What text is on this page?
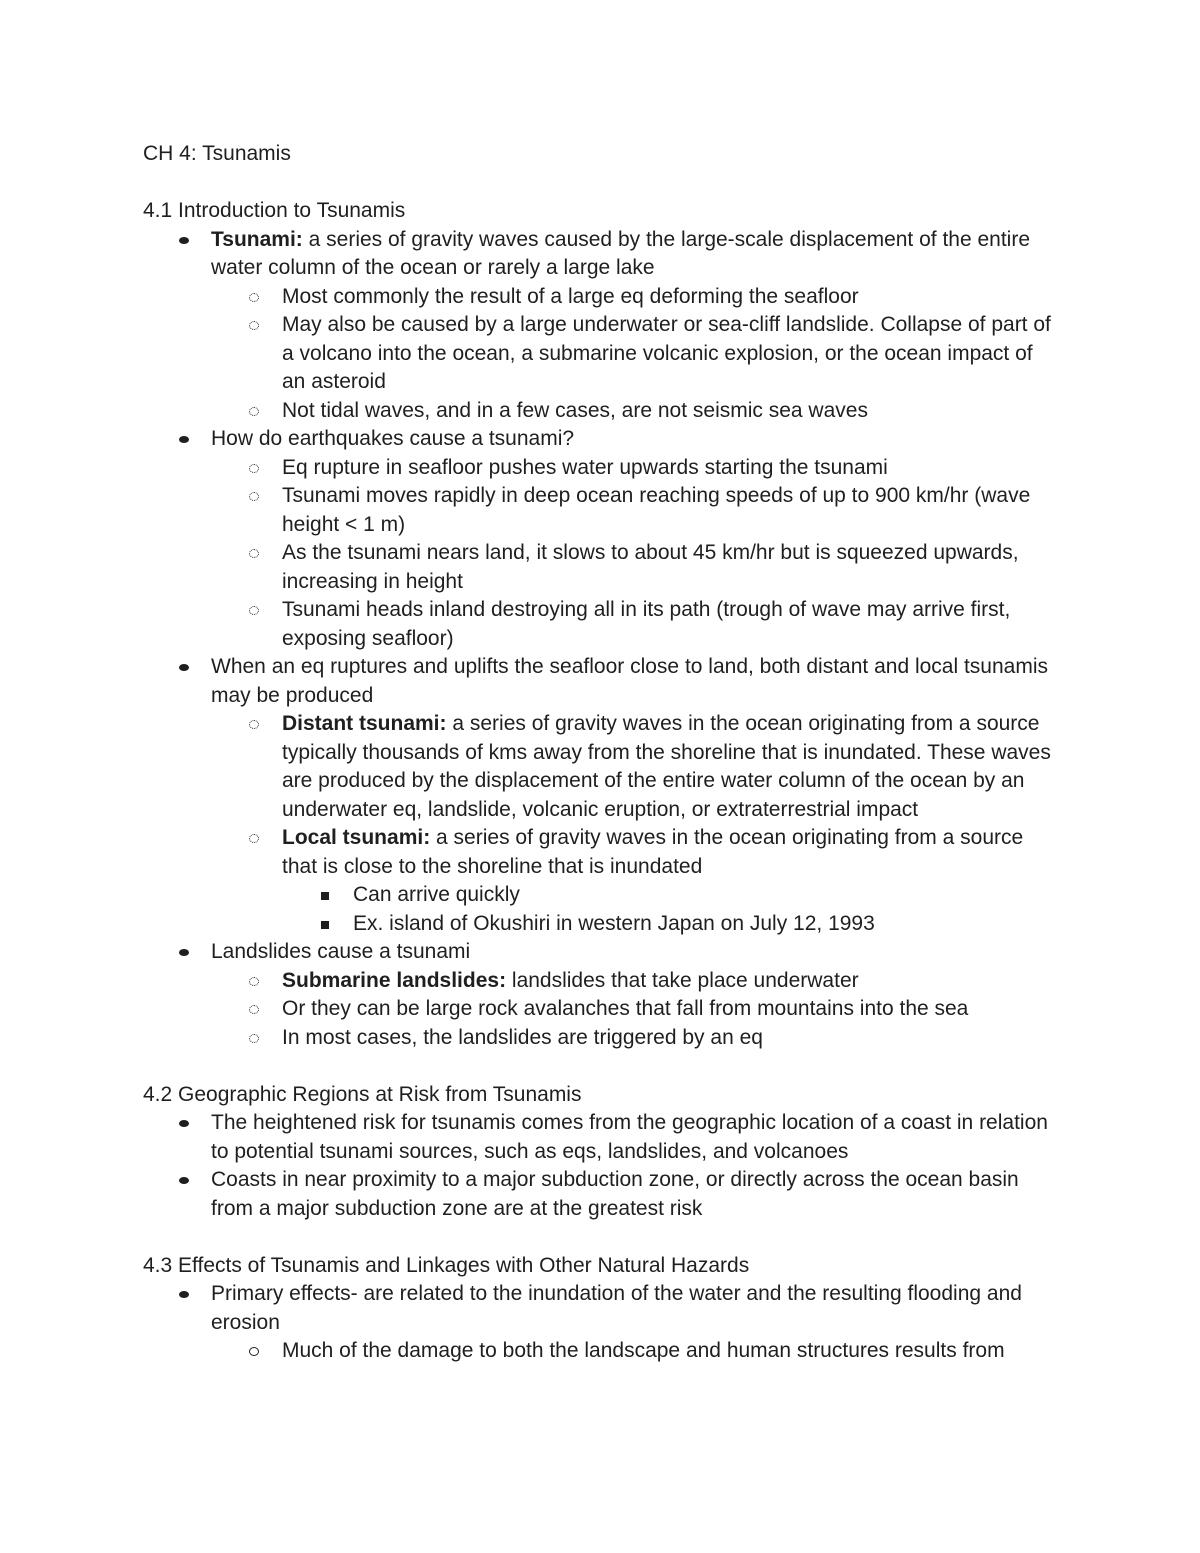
CH 4: Tsunamis
4.1 Introduction to Tsunamis
Tsunami: a series of gravity waves caused by the large-scale displacement of the entire water column of the ocean or rarely a large lake
Most commonly the result of a large eq deforming the seafloor
May also be caused by a large underwater or sea-cliff landslide. Collapse of part of a volcano into the ocean, a submarine volcanic explosion, or the ocean impact of an asteroid
Not tidal waves, and in a few cases, are not seismic sea waves
How do earthquakes cause a tsunami?
Eq rupture in seafloor pushes water upwards starting the tsunami
Tsunami moves rapidly in deep ocean reaching speeds of up to 900 km/hr (wave height < 1 m)
As the tsunami nears land, it slows to about 45 km/hr but is squeezed upwards, increasing in height
Tsunami heads inland destroying all in its path (trough of wave may arrive first, exposing seafloor)
When an eq ruptures and uplifts the seafloor close to land, both distant and local tsunamis may be produced
Distant tsunami: a series of gravity waves in the ocean originating from a source typically thousands of kms away from the shoreline that is inundated. These waves are produced by the displacement of the entire water column of the ocean by an underwater eq, landslide, volcanic eruption, or extraterrestrial impact
Local tsunami: a series of gravity waves in the ocean originating from a source that is close to the shoreline that is inundated
Can arrive quickly
Ex. island of Okushiri in western Japan on July 12, 1993
Landslides cause a tsunami
Submarine landslides: landslides that take place underwater
Or they can be large rock avalanches that fall from mountains into the sea
In most cases, the landslides are triggered by an eq
4.2 Geographic Regions at Risk from Tsunamis
The heightened risk for tsunamis comes from the geographic location of a coast in relation to potential tsunami sources, such as eqs, landslides, and volcanoes
Coasts in near proximity to a major subduction zone, or directly across the ocean basin from a major subduction zone are at the greatest risk
4.3 Effects of Tsunamis and Linkages with Other Natural Hazards
Primary effects- are related to the inundation of the water and the resulting flooding and erosion
Much of the damage to both the landscape and human structures results from
